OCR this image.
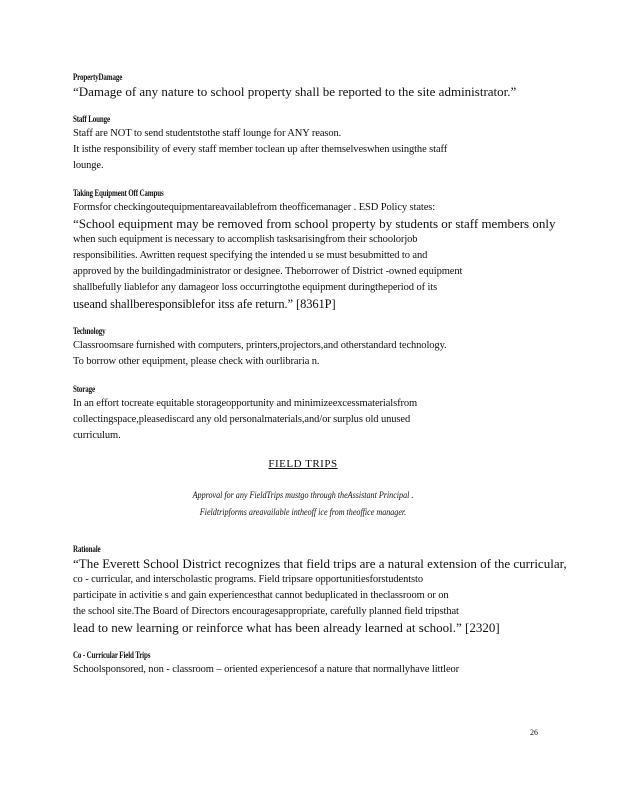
PropertyDamage

“Damage of any nature to school property shall be reported to the site administrator.”

Staff Lounge

Staff are NOT to send studentstothe staff lounge for ANY reason.

It isthe responsibility of every staff member toclean up after themselveswhen usingthe staff

lounge.

Taking Equipment Off Campus

Formsfor checkingoutequipmentareavailablefrom theofficemanager . ESD Policy states:

“School equipment may be removed from school property by students or staff members only

when such equipment is necessary to accomplish tasksarisingfrom their schoolorjob

responsibilities. Awritten request specifying the intended u se must besubmitted to and

approved by the buildingadministrator or designee. Theborrower of District -owned equipment

shallbefully liablefor any damageor loss occurringtothe equipment duringtheperiod of its

useand shallberesponsiblefor itss afe return.” [8361P]

Technology

Classroomsare furnished with computers, printers,projectors,and otherstandard technology.

To borrow other equipment, please check with ourlibraria n.

Storage

In an effort tocreate equitable storageopportunity and minimizeexcessmaterialsfrom

collectingspace,pleasediscard any old personalmaterials,and/or surplus old unused

curriculum.

FIELD TRIPS
Approval for any FieldTrips mustgo through theAssistant Principal .
Fieldtripforms areavailable intheoff ice from theoffice manager.
Rationale

“The Everett School District recognizes that field trips are a natural extension of the curricular,

co - curricular, and interscholastic programs. Field tripsare opportunitiesforstudentsto

participate in activitie s and gain experiencesthat cannot beduplicated in theclassroom or on

the school site.The Board of Directors encouragesappropriate, carefully planned field tripsthat

lead to new learning or reinforce what has been already learned at school.” [2320]

Co - Curricular Field Trips

Schoolsponsored, non - classroom – oriented experiencesof a nature that normallyhave littleor

26
